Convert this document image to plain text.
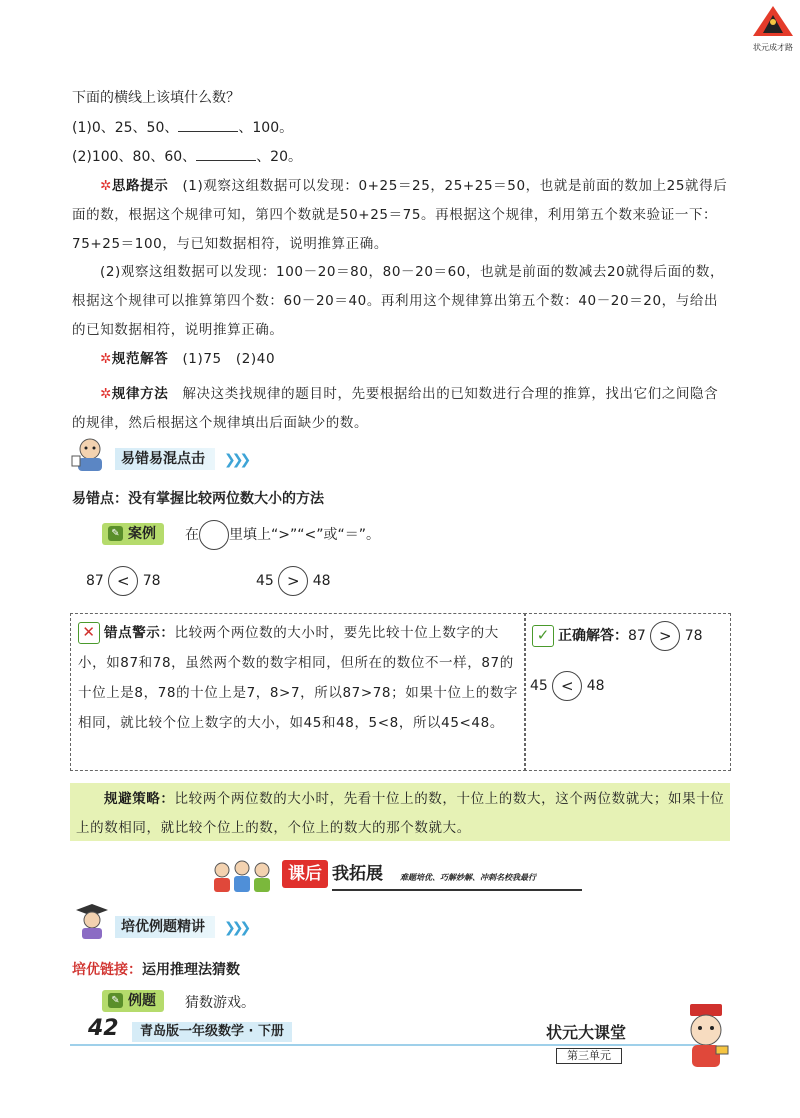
状元成才路
下面的横线上该填什么数？
(1)0、25、50、	、100。
(2)100、80、60、	、20。
✲思路提示　 (1)观察这组数据可以发现：0+25＝25，25+25＝50，也就是前面的数加上25就得后面的数，根据这个规律可知，第四个数就是50+25＝75。再根据这个规律，利用第五个数来验证一下：75+25＝100，与已知数据相符，说明推算正确。
(2)观察这组数据可以发现：100－20＝80，80－20＝60，也就是前面的数减去20就得后面的数，根据这个规律可以推算第四个数：60－20＝40。再利用这个规律算出第五个数：40－20＝20，与给出的已知数据相符，说明推算正确。
✲规范解答　 (1)75　(2)40
✲规律方法　 解决这类找规律的题目时，先要根据给出的已知数进行合理的推算，找出它们之间隐含的规律，然后根据这个规律填出后面缺少的数。
易错易混点击	❯❯❯
易错点：没有掌握比较两位数大小的方法
✎ 案例	在 里填上“>”“<”或“＝”。
87 < 78	45 > 48
✕ 错点警示：比较两个两位数的大小时，要先比较十位上数字的大小，如87和78，虽然两个数的数字相同，但所在的数位不一样，87的十位上是8，78的十位上是7，8>7，所以87>78；如果十位上的数字相同，就比较个位上数字的大小，如45和48，5<8，所以45<48。
✓ 正确解答：87 > 78
45 < 48
规避策略：比较两个两位数的大小时，先看十位上的数，十位上的数大，这个两位数就大；如果十位上的数相同，就比较个位上的数，个位上的数大的那个数就大。
课后 我拓展 难题培优、巧解妙解、冲刺名校我最行
培优例题精讲	❯❯❯
培优链接：运用推理法猜数
✎ 例题	猜数游戏。
42	青岛版一年级数学 · 下册	状元大课堂
第三单元
